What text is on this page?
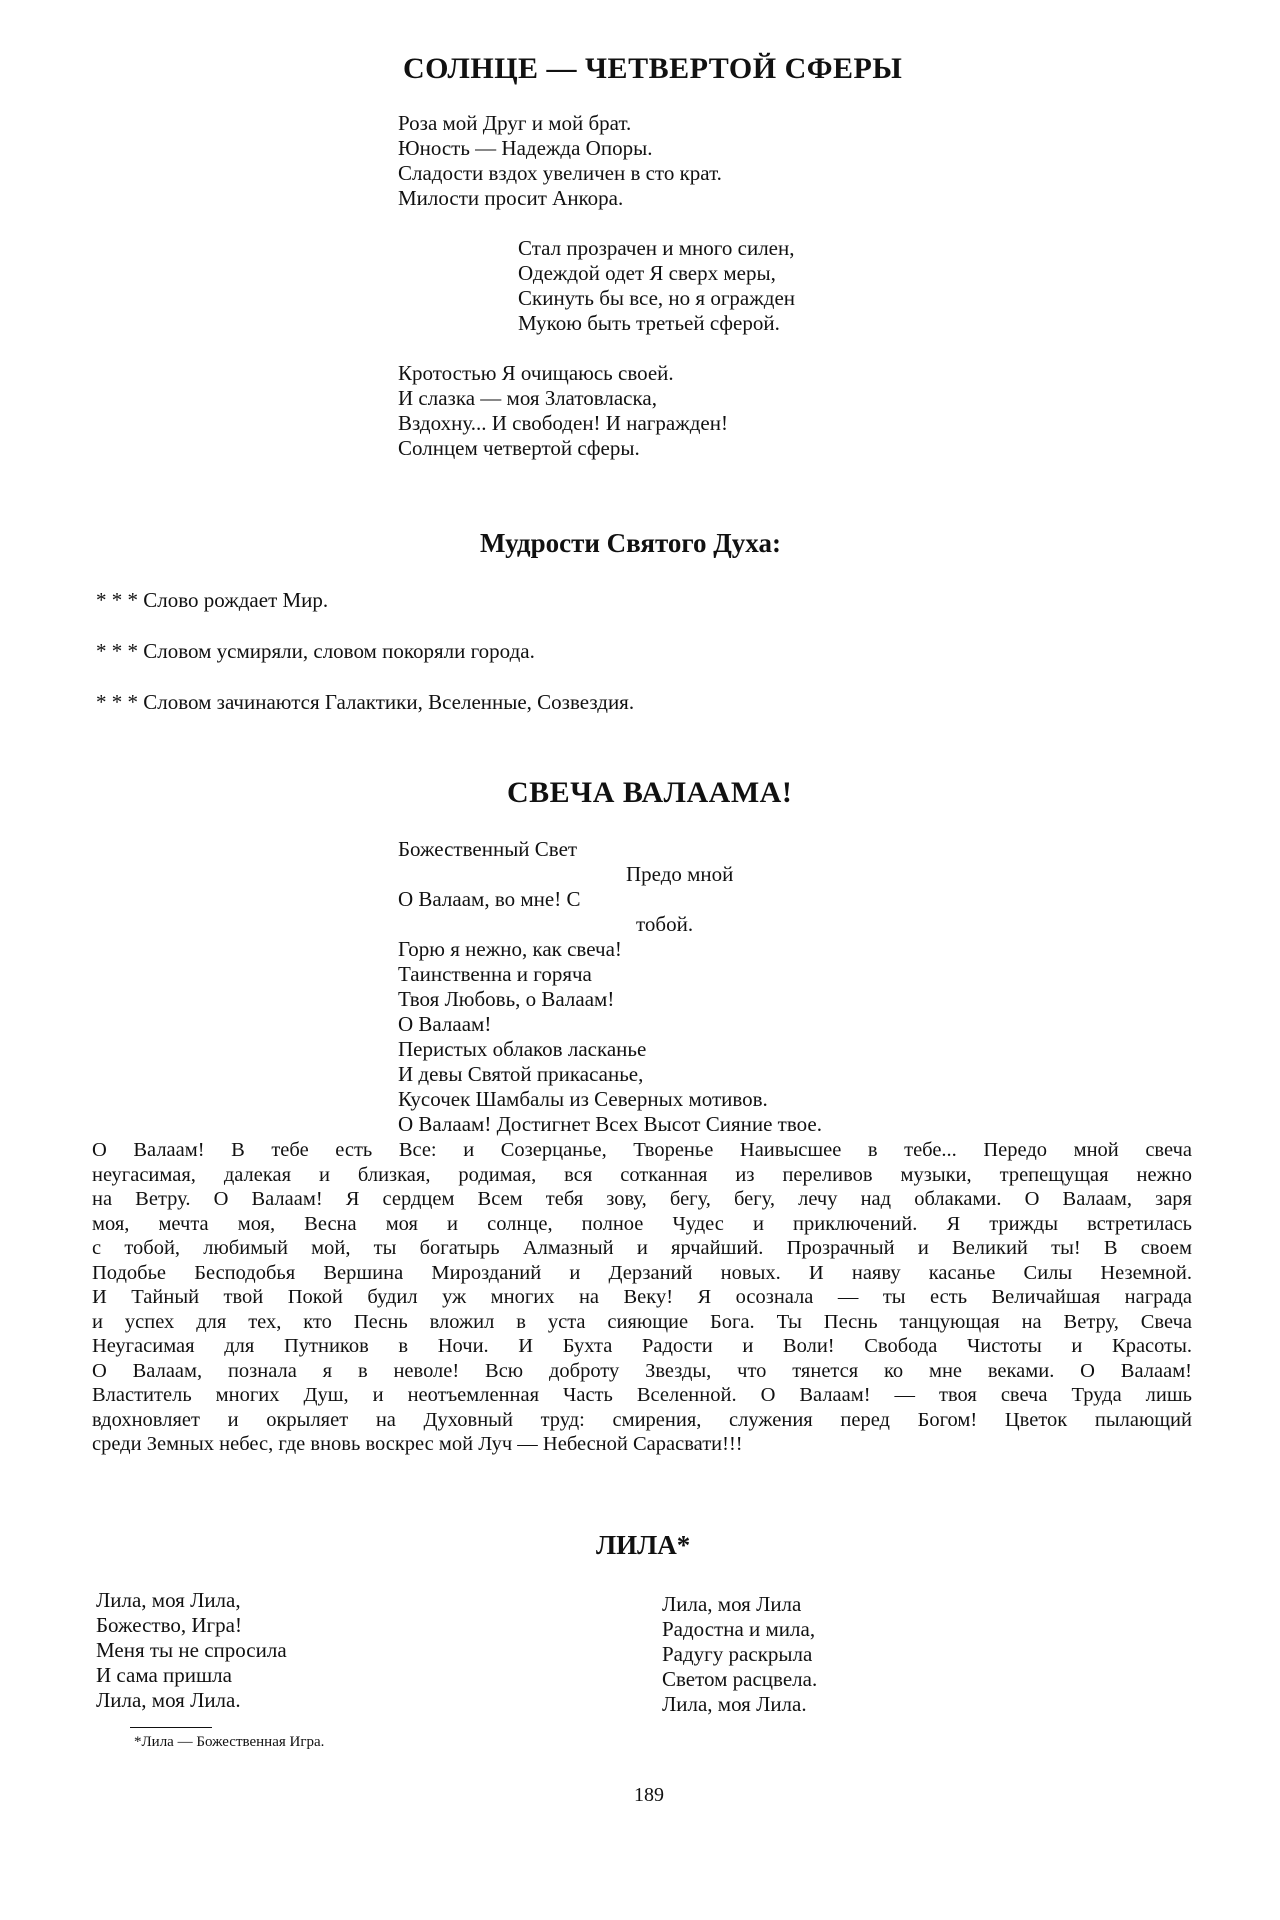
СОЛНЦЕ — ЧЕТВЕРТОЙ СФЕРЫ
Роза мой Друг и мой брат.
Юность — Надежда Опоры.
Сладости вздох увеличен в сто крат.
Милости просит Анкора.
Стал прозрачен и много силен,
Одеждой одет Я сверх меры,
Скинуть бы все, но я огражден
Мукою быть третьей сферой.
Кротостью Я очищаюсь своей.
И слазка — моя Златовласка,
Вздохну... И свободен! И награжден!
Солнцем четвертой сферы.
Мудрости Святого Духа:
* * * Слово рождает Мир.
* * * Словом усмиряли, словом покоряли города.
* * * Словом зачинаются Галактики, Вселенные, Созвездия.
СВЕЧА ВАЛААМА!
Божественный Свет
Предо мной
О Валаам, во мне! С
тобой.
Горю я нежно, как свеча!
Таинственна и горяча
Твоя Любовь, о Валаам!
О Валаам!
Перистых облаков ласканье
И девы Святой прикасанье,
Кусочек Шамбалы из Северных мотивов.
О Валаам! Достигнет Всех Высот Сияние твое.
О Валаам! В тебе есть Все: и Созерцанье, Творенье Наивысшее в тебе... Передо мной свеча
неугасимая, далекая и близкая, родимая, вся сотканная из переливов музыки, трепещущая нежно
на Ветру. О Валаам! Я сердцем Всем тебя зову, бегу, бегу, лечу над облаками. О Валаам, заря
моя, мечта моя, Весна моя и солнце, полное Чудес и приключений. Я трижды встретилась
с тобой, любимый мой, ты богатырь Алмазный и ярчайший. Прозрачный и Великий ты! В своем
Подобье Бесподобья Вершина Мирозданий и Дерзаний новых. И наяву касанье Силы Неземной.
И Тайный твой Покой будил уж многих на Веку! Я осознала — ты есть Величайшая награда
и успех для тех, кто Песнь вложил в уста сияющие Бога. Ты Песнь танцующая на Ветру, Свеча
Неугасимая для Путников в Ночи. И Бухта Радости и Воли! Свобода Чистоты и Красоты.
О Валаам, познала я в неволе! Всю доброту Звезды, что тянется ко мне веками. О Валаам!
Властитель многих Душ, и неотъемленная Часть Вселенной. О Валаам! — твоя свеча Труда лишь
вдохновляет и окрыляет на Духовный труд: смирения, служения перед Богом! Цветок пылающий
среди Земных небес, где вновь воскрес мой Луч — Небесной Сарасвати!!!
ЛИЛА*
Лила, моя Лила,
Божество, Игра!
Меня ты не спросила
И сама пришла
Лила, моя Лила.
Лила, моя Лила
Радостна и мила,
Радугу раскрыла
Светом расцвела.
Лила, моя Лила.
*Лила — Божественная Игра.
189
